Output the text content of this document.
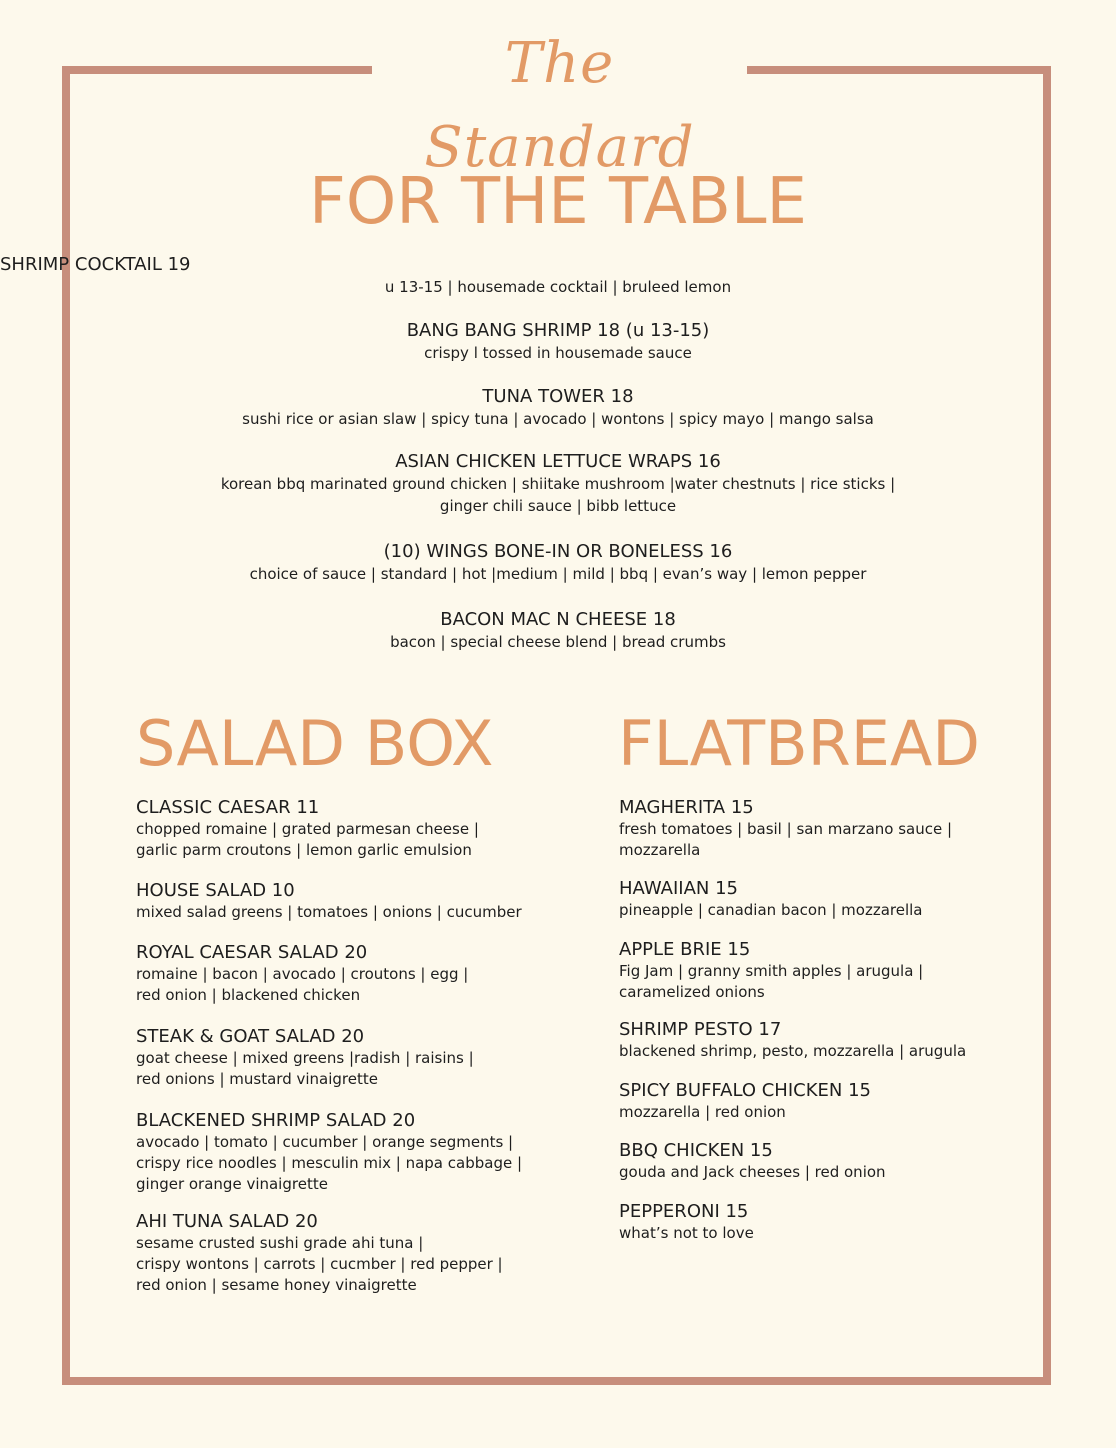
The Standard
FOR THE TABLE
SHRIMP COCKTAIL 19
u 13-15 | housemade cocktail | bruleed lemon
BANG BANG SHRIMP 18 (u 13-15)
crispy l tossed in housemade sauce
TUNA TOWER 18
sushi rice or asian slaw | spicy tuna | avocado | wontons | spicy mayo | mango salsa
ASIAN CHICKEN LETTUCE WRAPS 16
korean bbq marinated ground chicken | shiitake mushroom |water chestnuts | rice sticks |
ginger chili sauce | bibb lettuce
(10) WINGS BONE-IN OR BONELESS 16
choice of sauce | standard | hot |medium | mild | bbq | evan’s way | lemon pepper
BACON MAC N CHEESE 18
bacon | special cheese blend | bread crumbs
SALAD BOX
CLASSIC CAESAR 11
chopped romaine | grated parmesan cheese |
garlic parm croutons | lemon garlic emulsion
HOUSE SALAD 10
mixed salad greens | tomatoes | onions | cucumber
ROYAL CAESAR SALAD 20
romaine | bacon | avocado | croutons | egg |
red onion | blackened chicken
STEAK & GOAT SALAD 20
goat cheese | mixed greens |radish | raisins |
red onions | mustard vinaigrette
BLACKENED SHRIMP SALAD 20
avocado | tomato | cucumber | orange segments |
crispy rice noodles | mesculin mix | napa cabbage |
ginger orange vinaigrette
AHI TUNA SALAD 20
sesame crusted sushi grade ahi tuna |
crispy wontons | carrots | cucmber | red pepper |
red onion | sesame honey vinaigrette
FLATBREAD
MAGHERITA 15
fresh tomatoes | basil | san marzano sauce |
mozzarella
HAWAIIAN 15
pineapple | canadian bacon | mozzarella
APPLE BRIE 15
Fig Jam | granny smith apples | arugula |
caramelized onions
SHRIMP PESTO 17
blackened shrimp, pesto, mozzarella | arugula
SPICY BUFFALO CHICKEN 15
mozzarella | red onion
BBQ CHICKEN 15
gouda and Jack cheeses | red onion
PEPPERONI 15
what’s not to love
